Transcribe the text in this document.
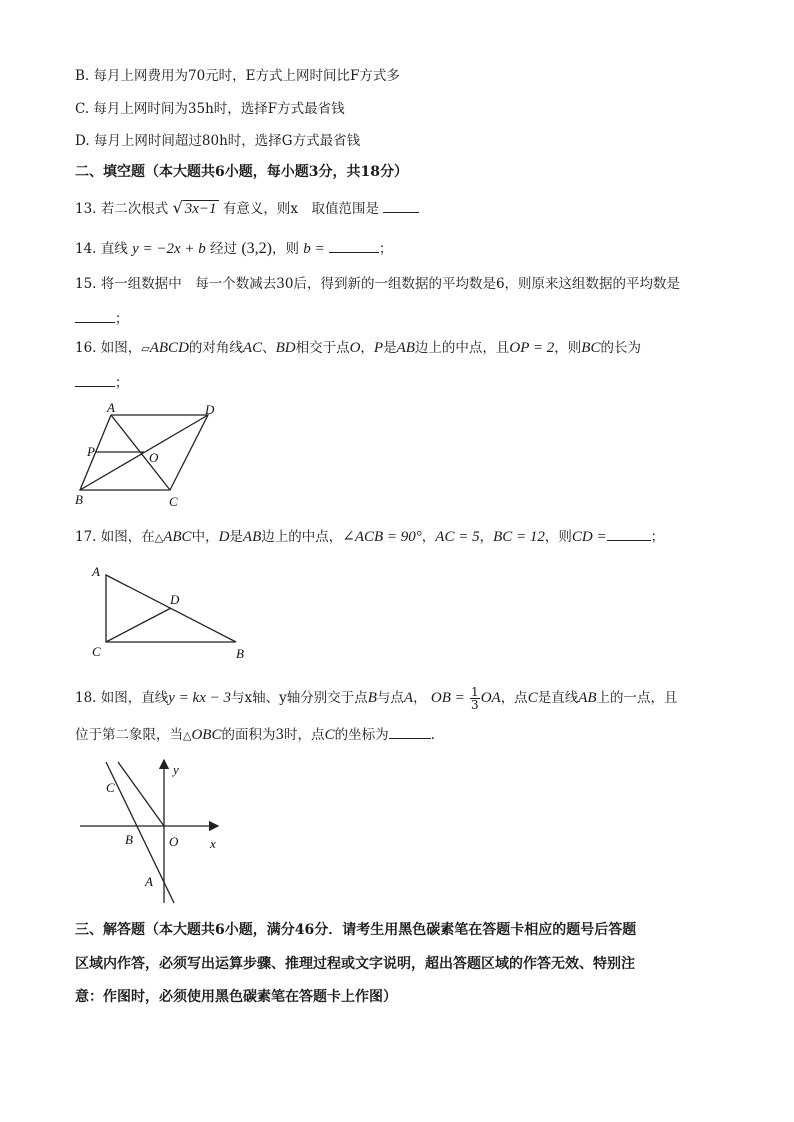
B. 每月上网费用为70元时，E方式上网时间比F方式多
C. 每月上网时间为35h时，选择F方式最省钱
D. 每月上网时间超过80h时，选择G方式最省钱
二、填空题（本大题共6小题，每小题3分，共18分）
13. 若二次根式 √ 3x−1 有意义，则x　取值范围是
14. 直线 y = −2x + b 经过 (3,2)，则 b =	；
15. 将一组数据中　每一个数减去30后，得到新的一组数据的平均数是6，则原来这组数据的平均数是
；
16. 如图，▱ABCD的对角线AC、BD相交于点O，P是AB边上的中点，且OP = 2，则BC的长为
；
A	D
P	O
B	C
17. 如图，在△ABC中，D是AB边上的中点，∠ACB = 90°，AC = 5，BC = 12，则CD =	；
A
D
C	B
18. 如图，直线y = kx − 3与x轴、y轴分别交于点B与点A， OB = $\frac{1}{3}$ OA，点C是直线AB上的一点，且
位于第二象限，当△OBC的面积为3时，点C的坐标为	.
y
C
B	O x
A
三、解答题（本大题共6小题，满分46分．请考生用黑色碳素笔在答题卡相应的题号后答题
区域内作答，必须写出运算步骤、推理过程或文字说明，超出答题区域的作答无效、特别注
意：作图时，必须使用黑色碳素笔在答题卡上作图）
